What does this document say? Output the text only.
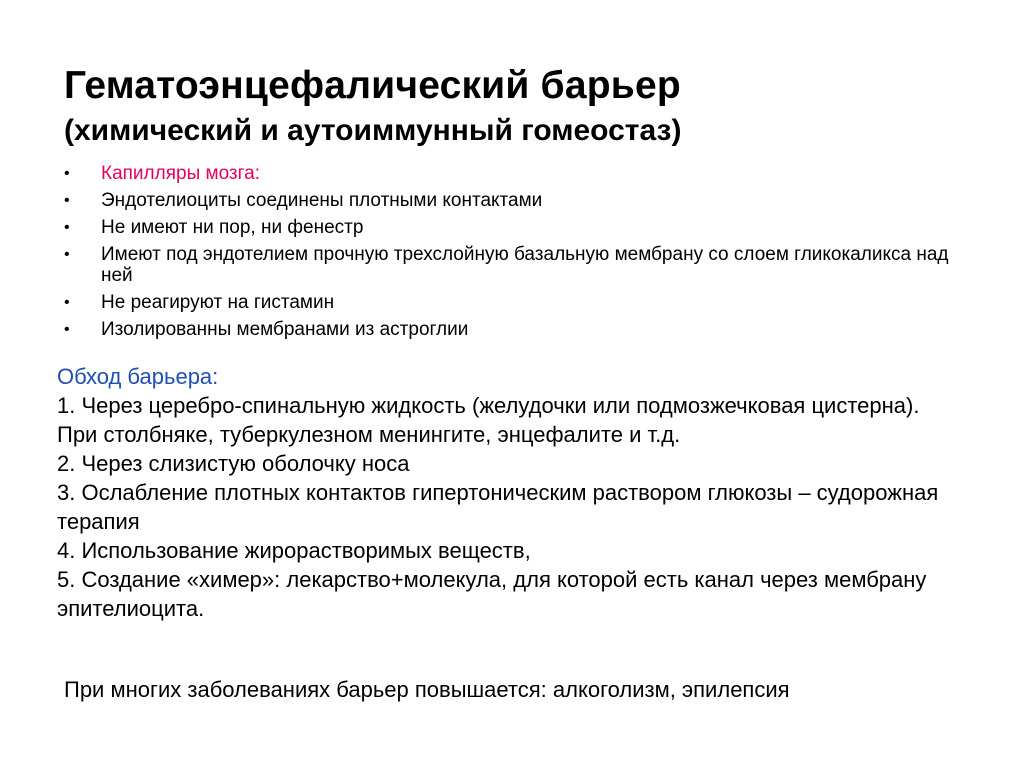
Гематоэнцефалический барьер
(химический и аутоиммунный гомеостаз)
•	Капилляры мозга:
•	Эндотелиоциты соединены плотными контактами
•	Не имеют ни пор, ни фенестр
•	Имеют под эндотелием прочную трехслойную базальную мембрану со слоем гликокаликса над ней
•	Не реагируют на гистамин
•	Изолированны мембранами из астроглии
Обход барьера:
1. Через церебро-спинальную жидкость (желудочки или подмозжечковая цистерна). При столбняке, туберкулезном менингите, энцефалите и т.д.
2. Через слизистую оболочку носа
3. Ослабление плотных контактов гипертоническим раствором глюкозы – судорожная терапия
4. Использование жирорастворимых веществ,
5. Создание «химер»: лекарство+молекула, для которой есть канал через мембрану эпителиоцита.
При многих заболеваниях барьер повышается: алкоголизм, эпилепсия
